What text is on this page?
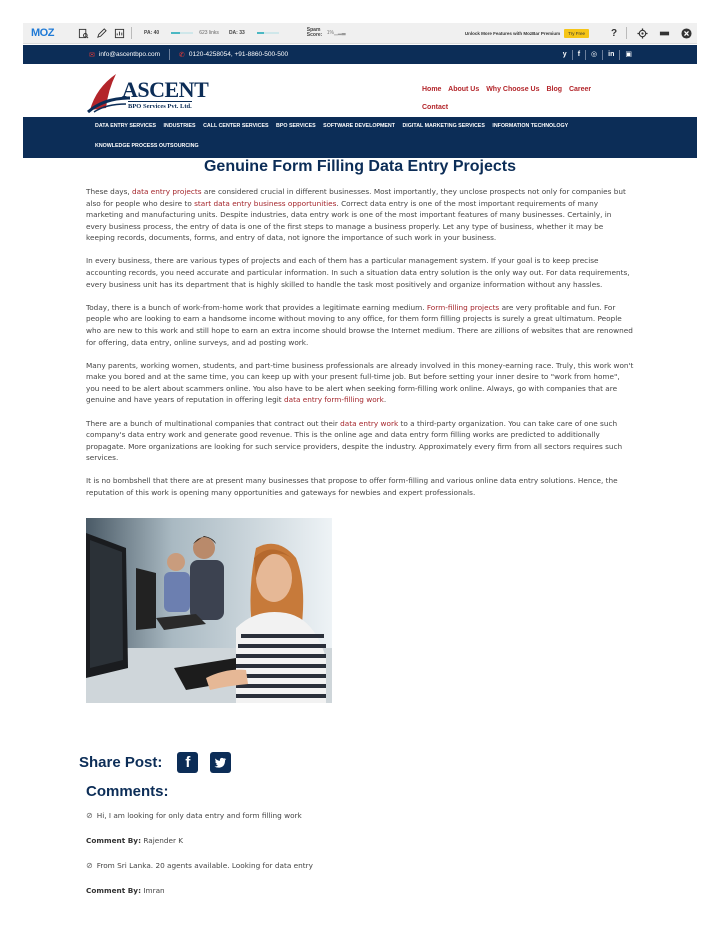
MOZ	PA: 40	623 links DA: 33	Spam Score: 1% ▁▂▃	Unlock More Features with MozBar Premium	Try Free	?
✉ info@ascentbpo.com	✆ 0120-4258054, +91-8860-500-500	y	f	◎	in	▣
ASCENT
BPO Services Pvt. Ltd.
Home About Us Why Choose Us Blog Career
Contact
DATA ENTRY SERVICES INDUSTRIES CALL CENTER SERVICES BPO SERVICES SOFTWARE DEVELOPMENT DIGITAL MARKETING SERVICES INFORMATION TECHNOLOGY
KNOWLEDGE PROCESS OUTSOURCING
Genuine Form Filling Data Entry Projects

These days, data entry projects are considered crucial in different businesses. Most importantly, they unclose prospects not only for companies but also for people who desire to start data entry business opportunities. Correct data entry is one of the most important requirements of many marketing and manufacturing units. Despite industries, data entry work is one of the most important features of many businesses. Certainly, in every business process, the entry of data is one of the first steps to manage a business properly. Let any type of business, whether it may be keeping records, documents, forms, and entry of data, not ignore the importance of such work in your business.

In every business, there are various types of projects and each of them has a particular management system. If your goal is to keep precise accounting records, you need accurate and particular information. In such a situation data entry solution is the only way out. For data requirements, every business unit has its department that is highly skilled to handle the task most positively and organize information without any hassles.

Today, there is a bunch of work-from-home work that provides a legitimate earning medium. Form-filling projects are very profitable and fun. For people who are looking to earn a handsome income without moving to any office, for them form filling projects is surely a great ultimatum. People who are new to this work and still hope to earn an extra income should browse the Internet medium. There are zillions of websites that are renowned for offering, data entry, online surveys, and ad posting work.

Many parents, working women, students, and part-time business professionals are already involved in this money-earning race. Truly, this work won't make you bored and at the same time, you can keep up with your present full-time job. But before setting your inner desire to "work from home", you need to be alert about scammers online. You also have to be alert when seeking form-filling work online. Always, go with companies that are genuine and have years of reputation in offering legit data entry form-filling work.

There are a bunch of multinational companies that contract out their data entry work to a third-party organization. You can take care of one such company's data entry work and generate good revenue. This is the online age and data entry form filling works are predicted to additionally propagate. More organizations are looking for such service providers, despite the industry. Approximately every firm from all sectors requires such services.

It is no bombshell that there are at present many businesses that propose to offer form-filling and various online data entry solutions. Hence, the reputation of this work is opening many opportunities and gateways for newbies and expert professionals.

Share Post:	f
Comments:
⊘ Hi, I am looking for only data entry and form filling work
Comment By: Rajender K
⊘ From Sri Lanka. 20 agents available. Looking for data entry
Comment By: Imran
